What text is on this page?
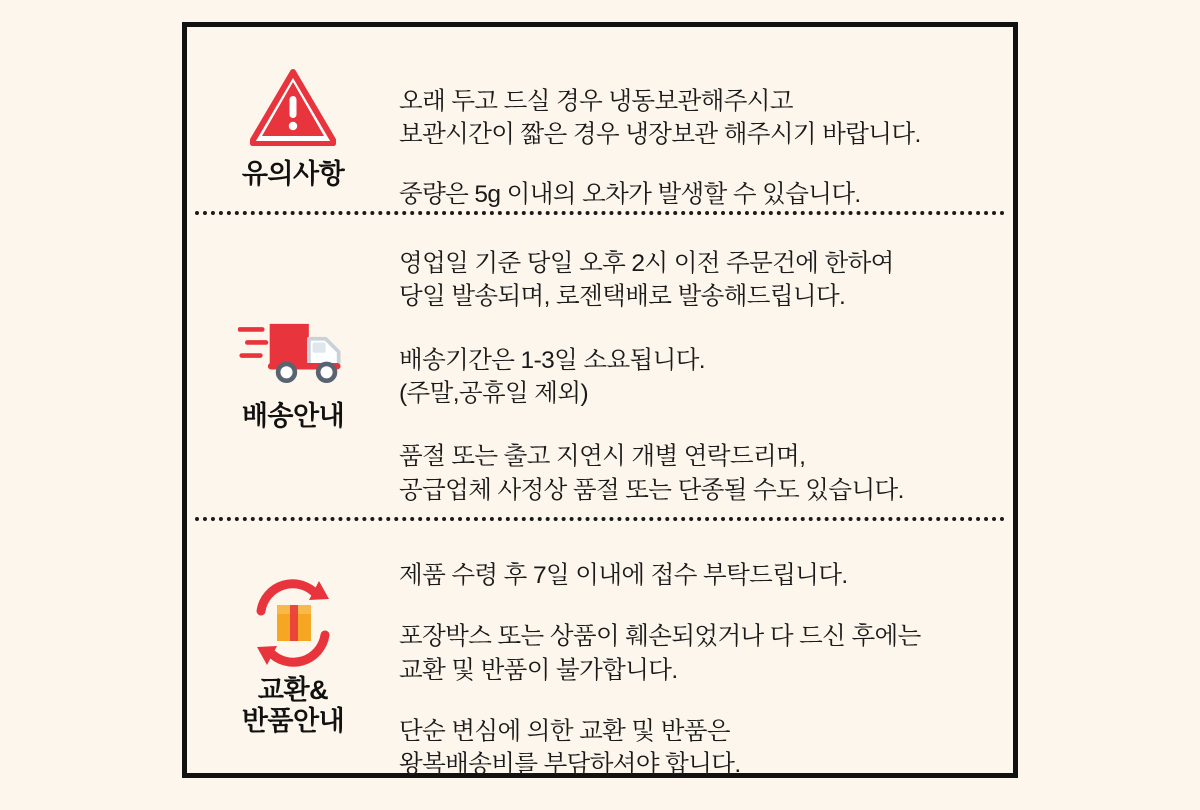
유의사항

오래 두고 드실 경우 냉동보관해주시고
보관시간이 짧은 경우 냉장보관 해주시기 바랍니다.

중량은 5g 이내의 오차가 발생할 수 있습니다.

배송안내

영업일 기준 당일 오후 2시 이전 주문건에 한하여
당일 발송되며, 로젠택배로 발송해드립니다.

배송기간은 1-3일 소요됩니다.
(주말,공휴일 제외)

품절 또는 출고 지연시 개별 연락드리며,
공급업체 사정상 품절 또는 단종될 수도 있습니다.

교환&
반품안내

제품 수령 후 7일 이내에 접수 부탁드립니다.

포장박스 또는 상품이 훼손되었거나 다 드신 후에는
교환 및 반품이 불가합니다.

단순 변심에 의한 교환 및 반품은
왕복배송비를 부담하셔야 합니다.
